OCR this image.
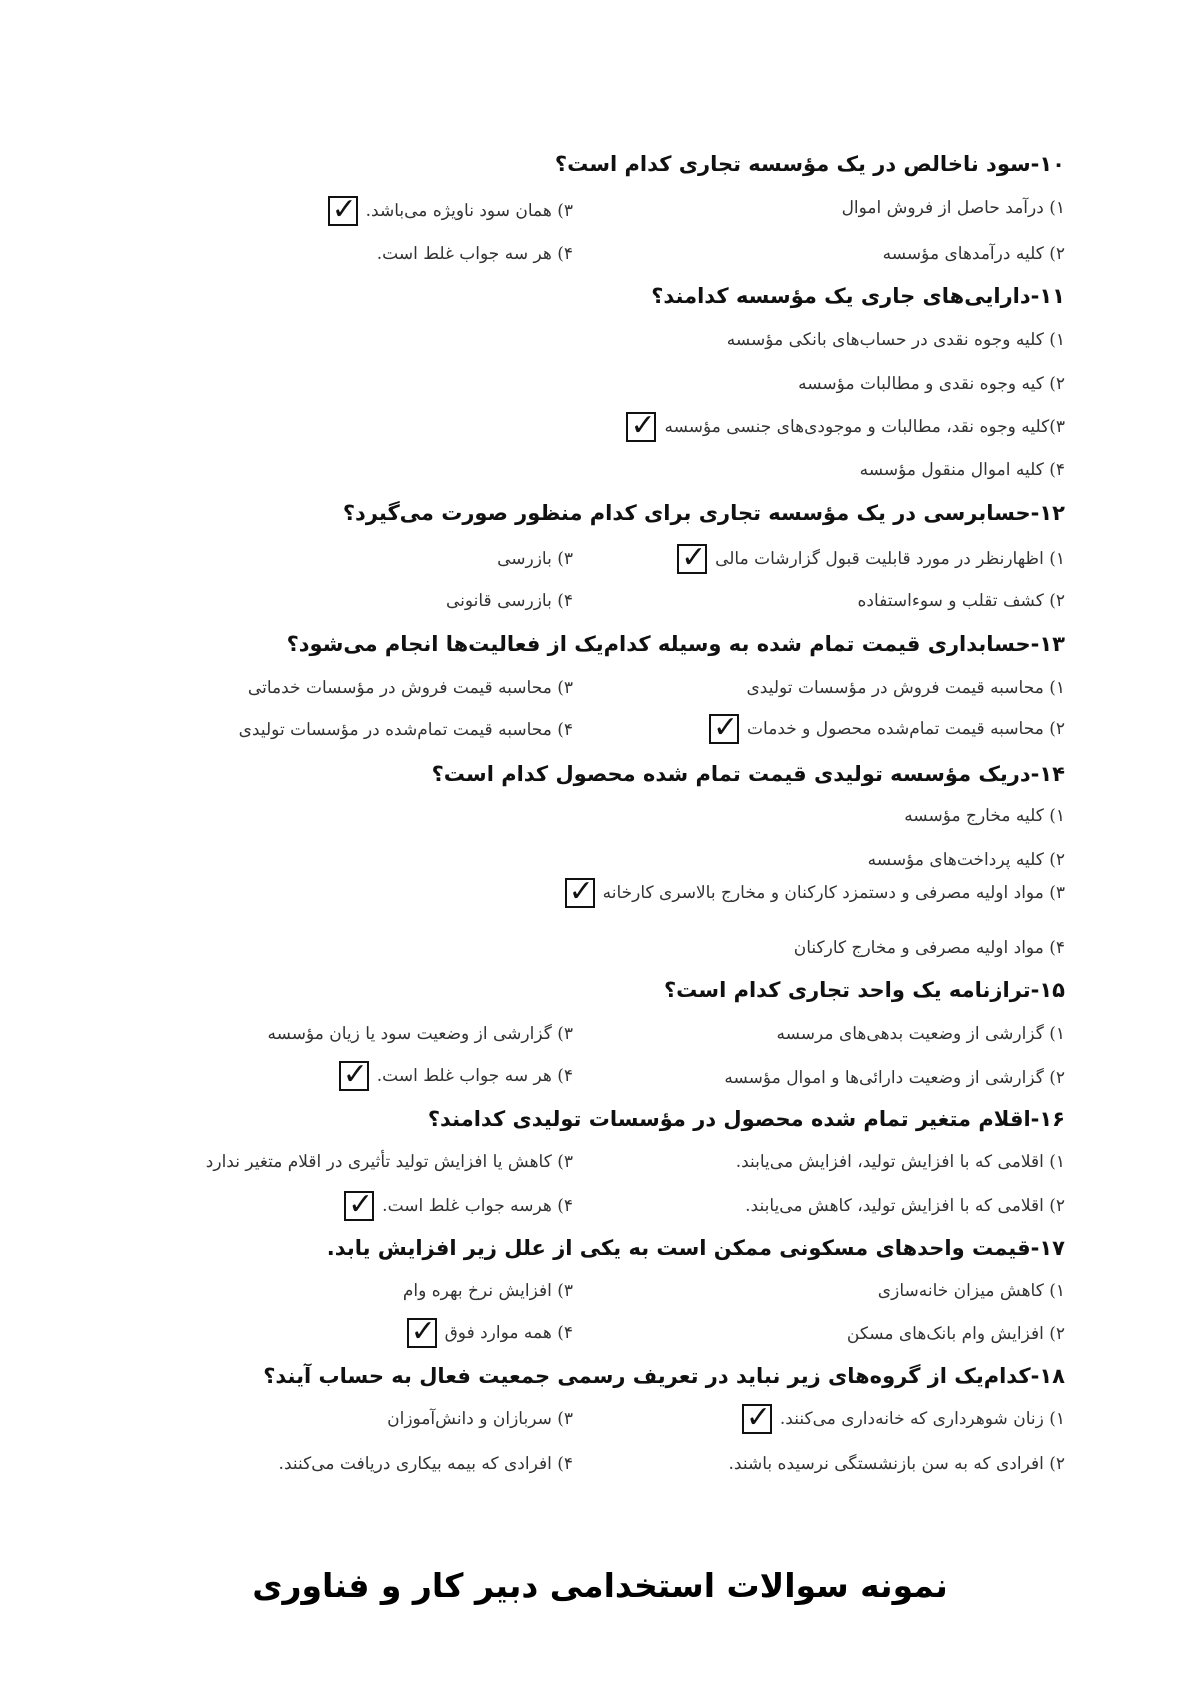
۱۰-سود ناخالص در یک مؤسسه تجاری کدام است؟
۱) درآمد حاصل از فروش اموال
۳) همان سود ناویژه می‌باشد.
✓
۲) کلیه درآمدهای مؤسسه
۴) هر سه جواب غلط است.
۱۱-دارایی‌های جاری یک مؤسسه کدامند؟
۱) کلیه وجوه نقدی در حساب‌های بانکی مؤسسه
۲) کیه وجوه نقدی و مطالبات مؤسسه
۳)کلیه وجوه نقد، مطالبات و موجودی‌های جنسی مؤسسه
✓
۴) کلیه اموال منقول مؤسسه
۱۲-حسابرسی در یک مؤسسه تجاری برای کدام منظور صورت می‌گیرد؟
۱) اظهارنظر در مورد قابلیت قبول گزارشات مالی
✓
۳) بازرسی
۲) کشف تقلب و سوءاستفاده
۴) بازرسی قانونی
۱۳-حسابداری قیمت تمام شده به وسیله کدام‌یک از فعالیت‌ها انجام می‌شود؟
۱) محاسبه قیمت فروش در مؤسسات تولیدی
۳) محاسبه قیمت فروش در مؤسسات خدماتی
۲) محاسبه قیمت تمام‌شده محصول و خدمات
✓
۴) محاسبه قیمت تمام‌شده در مؤسسات تولیدی
۱۴-دریک مؤسسه تولیدی قیمت تمام شده محصول کدام است؟
۱) کلیه مخارج مؤسسه
۲) کلیه پرداخت‌های مؤسسه
۳) مواد اولیه مصرفی و دستمزد کارکنان و مخارج بالاسری کارخانه
✓
۴) مواد اولیه مصرفی و مخارج کارکنان
۱۵-ترازنامه یک واحد تجاری کدام است؟
۱) گزارشی از وضعیت بدهی‌های مرسسه
۳) گزارشی از وضعیت سود یا زیان مؤسسه
۲) گزارشی از وضعیت دارائی‌ها و اموال مؤسسه
۴) هر سه جواب غلط است.
✓
۱۶-اقلام متغیر تمام شده محصول در مؤسسات تولیدی کدامند؟
۱) اقلامی که با افزایش تولید، افزایش می‌یابند.
۳) کاهش یا افزایش تولید تأثیری در اقلام متغیر ندارد
۲) اقلامی که با افزایش تولید، کاهش می‌یابند.
۴) هرسه جواب غلط است.
✓
۱۷-قیمت واحدهای مسکونی ممکن است به یکی از علل زیر افزایش یابد.
۱) کاهش میزان خانه‌سازی
۳) افزایش نرخ بهره وام
۲) افزایش وام بانک‌های مسکن
۴) همه موارد فوق
✓
۱۸-کدام‌یک از گروه‌های زیر نباید در تعریف رسمی جمعیت فعال به حساب آیند؟
۱) زنان شوهرداری که خانه‌داری می‌کنند.
✓
۳) سربازان و دانش‌آموزان
۲) افرادی که به سن بازنشستگی نرسیده باشند.
۴) افرادی که بیمه بیکاری دریافت می‌کنند.
نمونه سوالات استخدامی دبیر کار و فناوری
